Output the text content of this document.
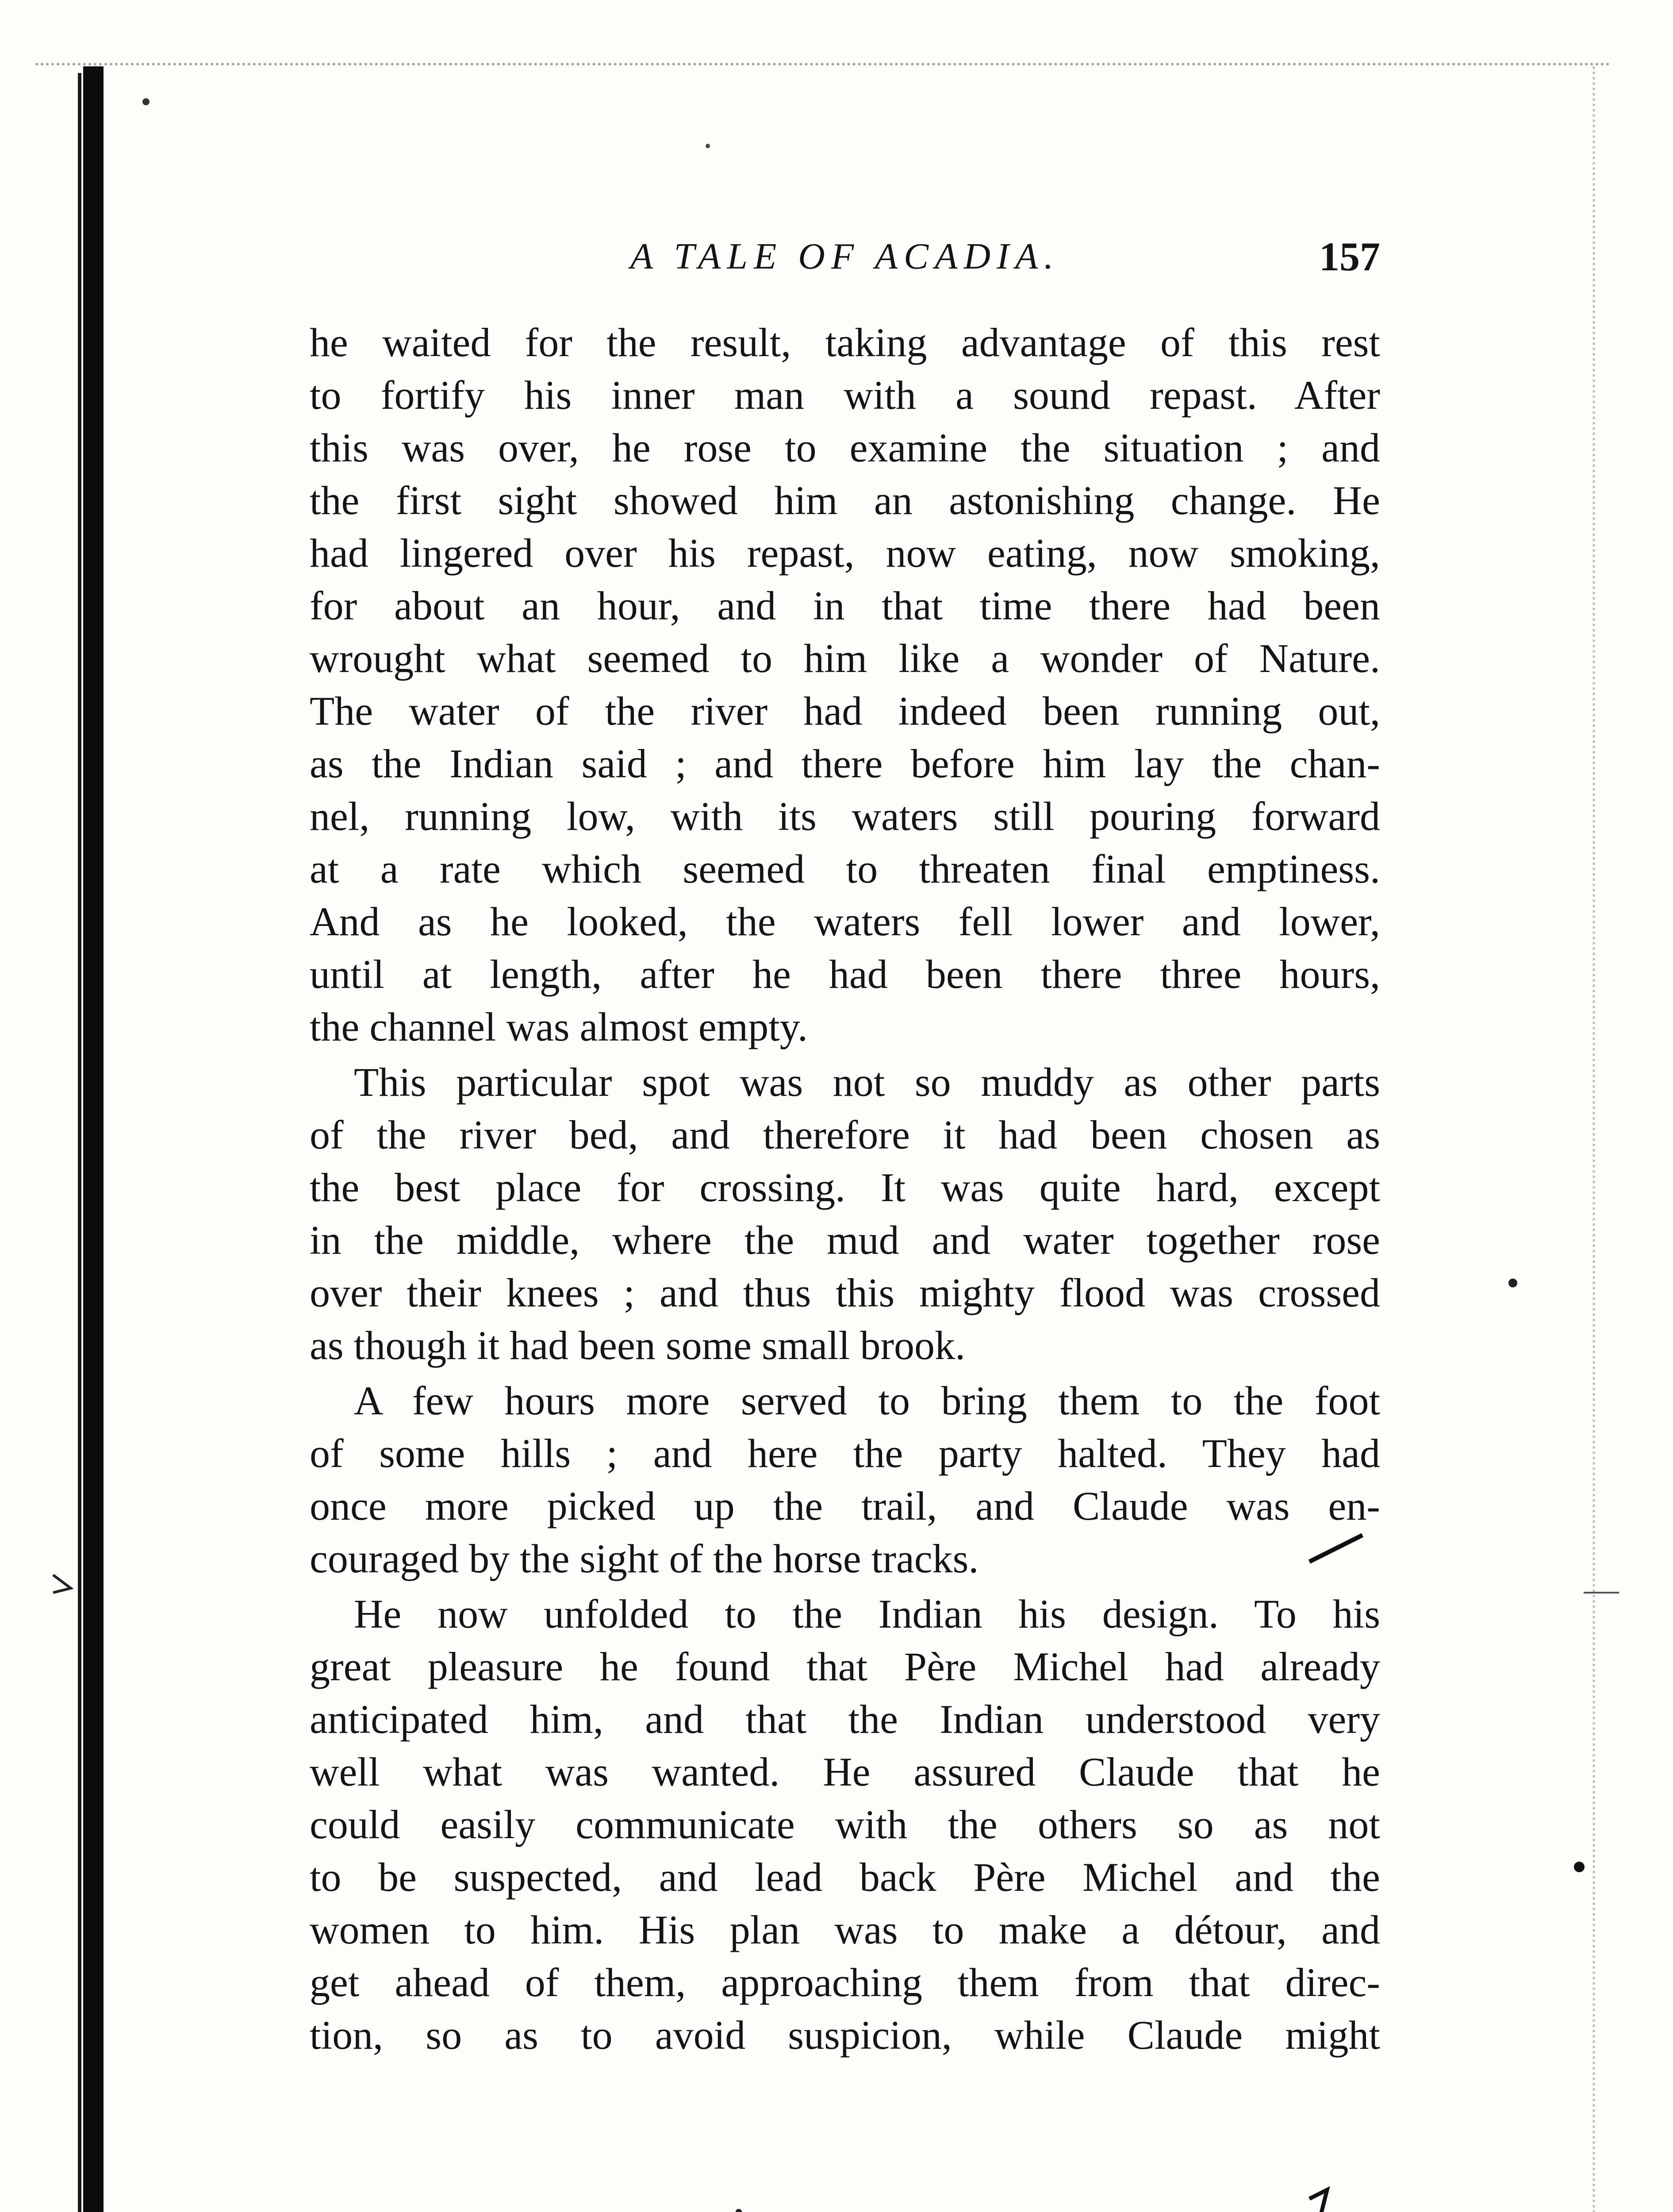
A TALE OF ACADIA.	157

he waited for the result, taking advantage of this rest
to fortify his inner man with a sound repast. After
this was over, he rose to examine the situation ; and
the first sight showed him an astonishing change. He
had lingered over his repast, now eating, now smoking,
for about an hour, and in that time there had been
wrought what seemed to him like a wonder of Nature.
The water of the river had indeed been running out,
as the Indian said ; and there before him lay the chan-
nel, running low, with its waters still pouring forward
at a rate which seemed to threaten final emptiness.
And as he looked, the waters fell lower and lower,
until at length, after he had been there three hours,
the channel was almost empty.

This particular spot was not so muddy as other parts
of the river bed, and therefore it had been chosen as
the best place for crossing. It was quite hard, except
in the middle, where the mud and water together rose
over their knees ; and thus this mighty flood was crossed
as though it had been some small brook.

A few hours more served to bring them to the foot
of some hills ; and here the party halted. They had
once more picked up the trail, and Claude was en-
couraged by the sight of the horse tracks.

He now unfolded to the Indian his design. To his
great pleasure he found that Père Michel had already
anticipated him, and that the Indian understood very
well what was wanted. He assured Claude that he
could easily communicate with the others so as not
to be suspected, and lead back Père Michel and the
women to him. His plan was to make a détour, and
get ahead of them, approaching them from that direc-
tion, so as to avoid suspicion, while Claude might
